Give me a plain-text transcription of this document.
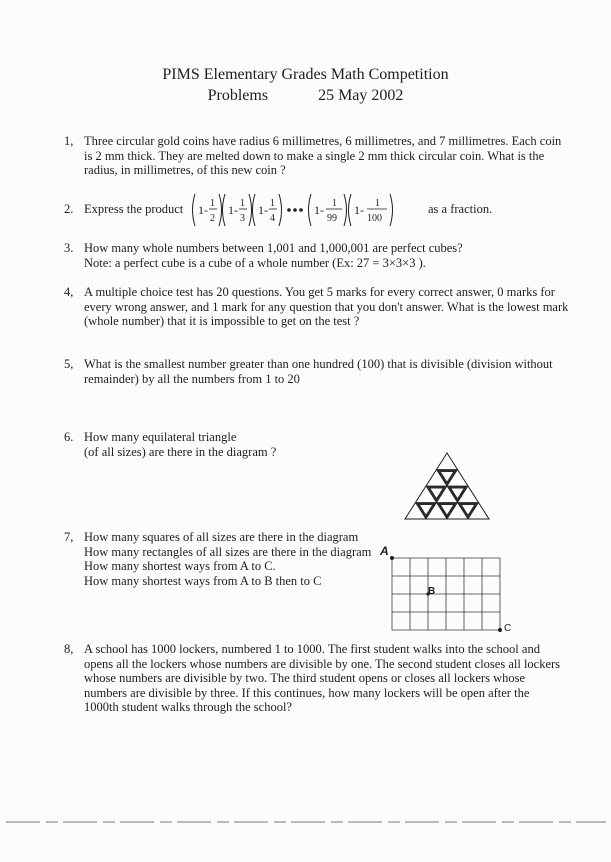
PIMS Elementary Grades Math Competition
Problems	25 May 2002
1, Three circular gold coins have radius 6 millimetres, 6 millimetres, and 7 millimetres. Each coin is 2 mm thick. They are melted down to make a single 2 mm thick circular coin. What is the radius, in millimetres, of this new coin ?

2. Express the product	1- 1
2
1- 1
3
1- 1
4
1- 1
99
1- 1
100
as a fraction.
3. How many whole numbers between 1,001 and 1,000,001 are perfect cubes?

Note: a perfect cube is a cube of a whole number (Ex: 27 = 3×3×3 ).

4, A multiple choice test has 20 questions. You get 5 marks for every correct answer, 0 marks for every wrong answer, and 1 mark for any question that you don't answer. What is the lowest mark (whole number) that it is impossible to get on the test ?

5, What is the smallest number greater than one hundred (100) that is divisible (division without remainder) by all the numbers from 1 to 20

6. How many equilateral triangle

(of all sizes) are there in the diagram ?

7, How many squares of all sizes are there in the diagram

How many rectangles of all sizes are there in the diagram

How many shortest ways from A to C.

How many shortest ways from A to B then to C

A
B
C
8, A school has 1000 lockers, numbered 1 to 1000. The first student walks into the school and opens all the lockers whose numbers are divisible by one. The second student closes all lockers whose numbers are divisible by two. The third student opens or closes all lockers whose numbers are divisible by three. If this continues, how many lockers will be open after the 1000th student walks through the school?
